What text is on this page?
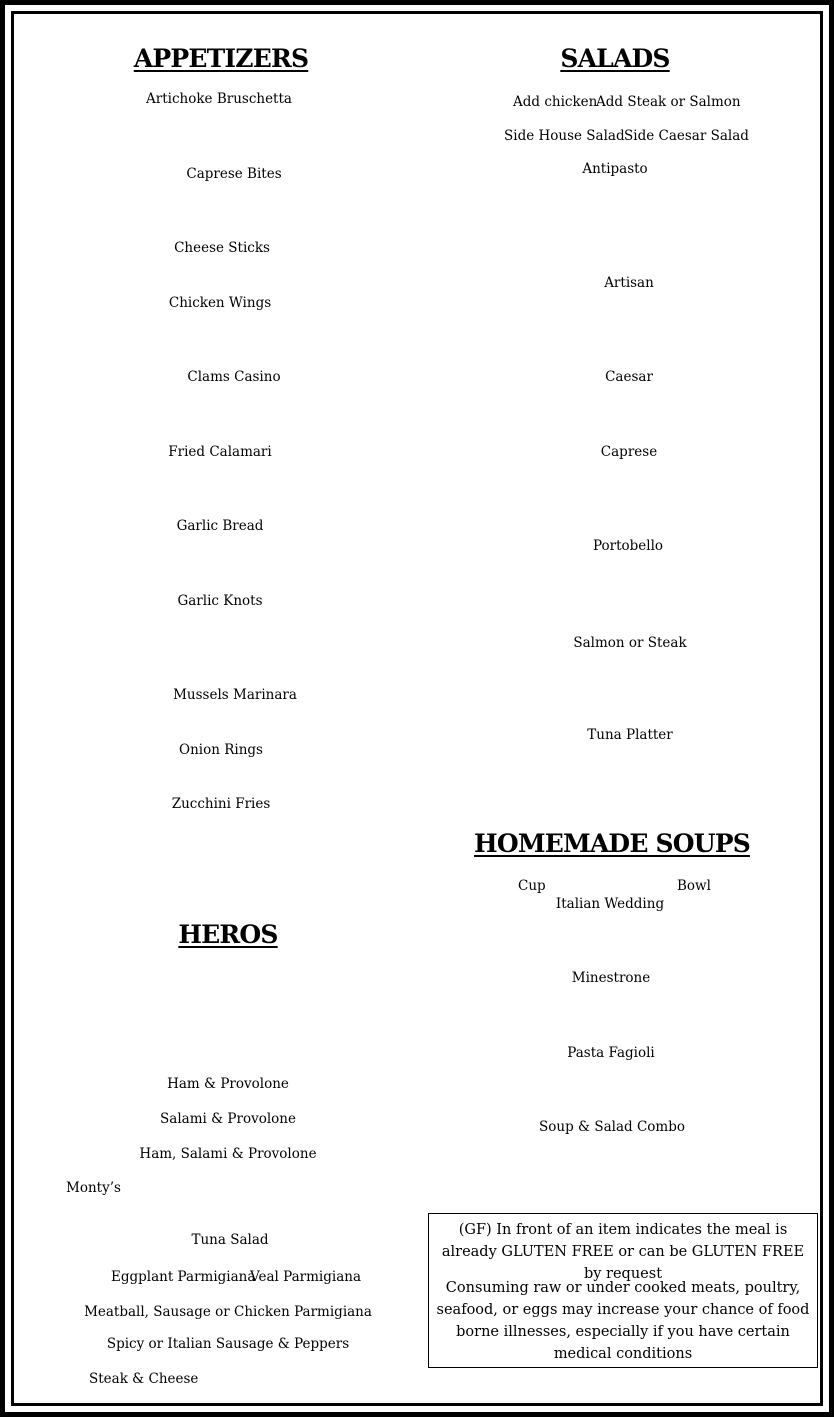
APPETIZERS
Artichoke Bruschetta
Caprese Bites
Cheese Sticks
Chicken Wings
Clams Casino
Fried Calamari
Garlic Bread
Garlic Knots
Mussels Marinara
Onion Rings
Zucchini Fries
SALADS
Add chicken
Add Steak or Salmon
Side House Salad Side Caesar Salad
Antipasto
Artisan
Caesar
Caprese
Portobello
Salmon or Steak
Tuna Platter
HOMEMADE SOUPS
Cup	Bowl
Italian Wedding
Minestrone
Pasta Fagioli
Soup & Salad Combo
HEROS
Ham & Provolone
Salami & Provolone
Ham, Salami & Provolone
Monty’s
Tuna Salad
Eggplant Parmigiana
Veal Parmigiana
Meatball, Sausage or Chicken Parmigiana
Spicy or Italian Sausage & Peppers
Steak & Cheese
(GF) In front of an item indicates the meal is already GLUTEN FREE or can be GLUTEN FREE by request
Consuming raw or under cooked meats, poultry, seafood, or eggs may increase your chance of food borne illnesses, especially if you have certain medical conditions
